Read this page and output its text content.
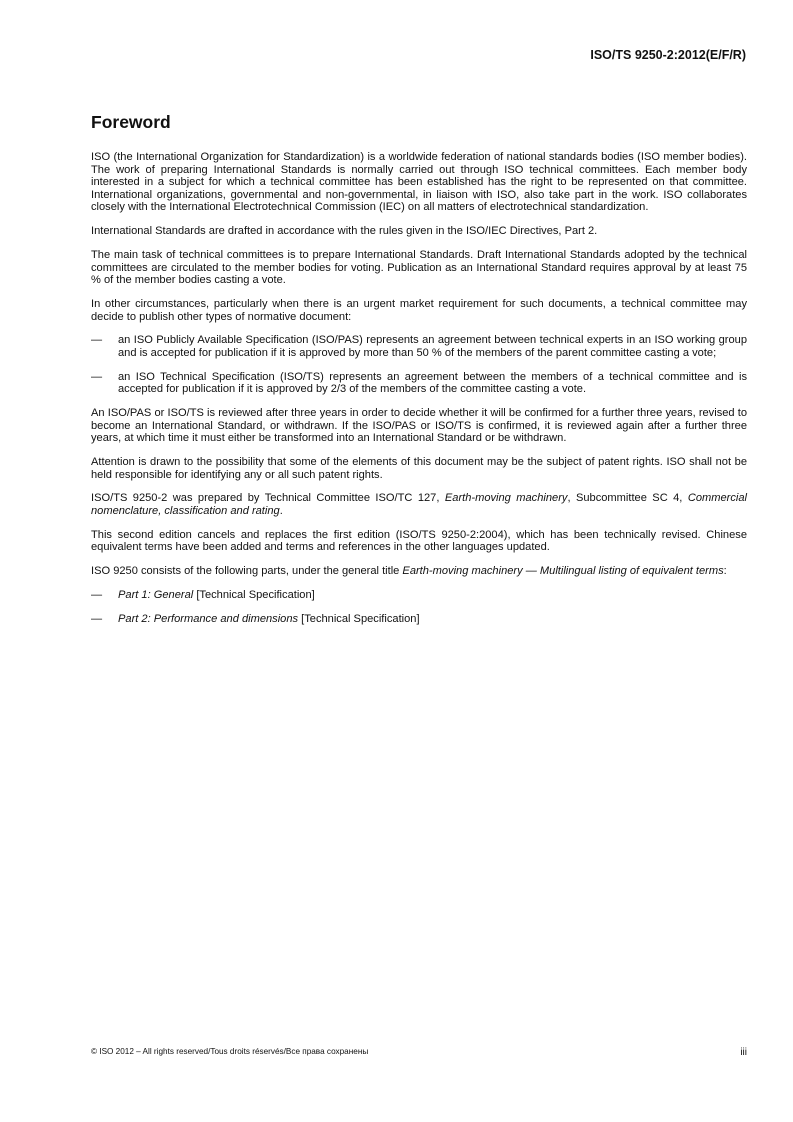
ISO/TS 9250-2:2012(E/F/R)
Foreword

ISO (the International Organization for Standardization) is a worldwide federation of national standards bodies (ISO member bodies). The work of preparing International Standards is normally carried out through ISO technical committees. Each member body interested in a subject for which a technical committee has been established has the right to be represented on that committee. International organizations, governmental and non-governmental, in liaison with ISO, also take part in the work. ISO collaborates closely with the International Electrotechnical Commission (IEC) on all matters of electrotechnical standardization.

International Standards are drafted in accordance with the rules given in the ISO/IEC Directives, Part 2.

The main task of technical committees is to prepare International Standards. Draft International Standards adopted by the technical committees are circulated to the member bodies for voting. Publication as an International Standard requires approval by at least 75 % of the member bodies casting a vote.

In other circumstances, particularly when there is an urgent market requirement for such documents, a technical committee may decide to publish other types of normative document:

—	an ISO Publicly Available Specification (ISO/PAS) represents an agreement between technical experts in an ISO working group and is accepted for publication if it is approved by more than 50 % of the members of the parent committee casting a vote;
—	an ISO Technical Specification (ISO/TS) represents an agreement between the members of a technical committee and is accepted for publication if it is approved by 2/3 of the members of the committee casting a vote.

An ISO/PAS or ISO/TS is reviewed after three years in order to decide whether it will be confirmed for a further three years, revised to become an International Standard, or withdrawn. If the ISO/PAS or ISO/TS is confirmed, it is reviewed again after a further three years, at which time it must either be transformed into an International Standard or be withdrawn.

Attention is drawn to the possibility that some of the elements of this document may be the subject of patent rights. ISO shall not be held responsible for identifying any or all such patent rights.

ISO/TS 9250-2 was prepared by Technical Committee ISO/TC 127, Earth-moving machinery, Subcommittee SC 4, Commercial nomenclature, classification and rating.

This second edition cancels and replaces the first edition (ISO/TS 9250-2:2004), which has been technically revised. Chinese equivalent terms have been added and terms and references in the other languages updated.

ISO 9250 consists of the following parts, under the general title Earth-moving machinery — Multilingual listing of equivalent terms:

—	Part 1: General [Technical Specification]
—	Part 2: Performance and dimensions [Technical Specification]
© ISO 2012 – All rights reserved/Tous droits réservés/Все права сохранены	iii
